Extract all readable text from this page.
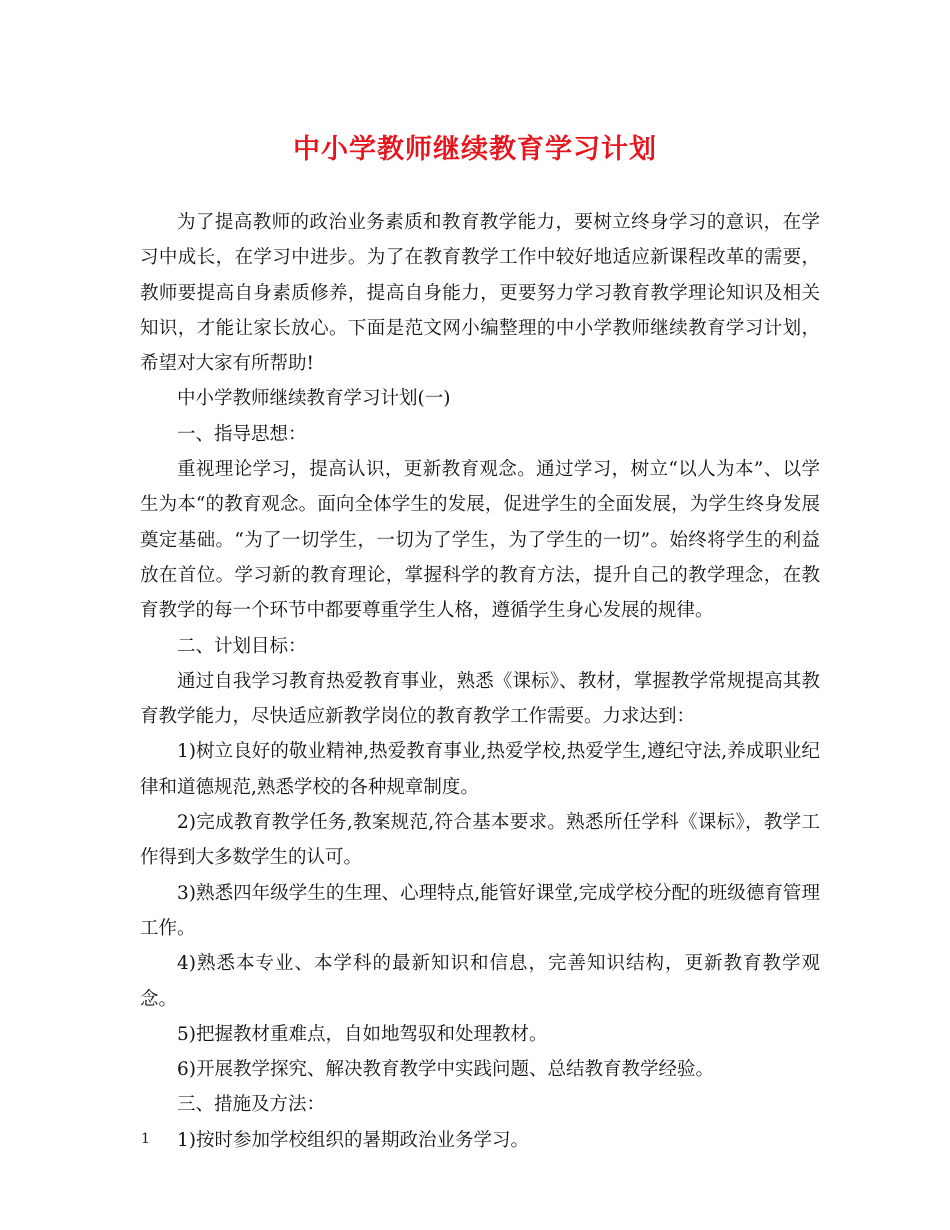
中小学教师继续教育学习计划

为了提高教师的政治业务素质和教育教学能力，要树立终身学习的意识，在学习中成长，在学习中进步。为了在教育教学工作中较好地适应新课程改革的需要，教师要提高自身素质修养，提高自身能力，更要努力学习教育教学理论知识及相关知识，才能让家长放心。下面是范文网小编整理的中小学教师继续教育学习计划，希望对大家有所帮助!

中小学教师继续教育学习计划(一)

一、指导思想：

重视理论学习，提高认识，更新教育观念。通过学习，树立“以人为本”、以学生为本“的教育观念。面向全体学生的发展，促进学生的全面发展，为学生终身发展奠定基础。“为了一切学生，一切为了学生，为了学生的一切”。始终将学生的利益放在首位。学习新的教育理论，掌握科学的教育方法，提升自己的教学理念，在教育教学的每一个环节中都要尊重学生人格，遵循学生身心发展的规律。

二、计划目标：

通过自我学习教育热爱教育事业，熟悉《课标》、教材，掌握教学常规提高其教育教学能力，尽快适应新教学岗位的教育教学工作需要。力求达到：

1)树立良好的敬业精神,热爱教育事业,热爱学校,热爱学生,遵纪守法,养成职业纪律和道德规范,熟悉学校的各种规章制度。

2)完成教育教学任务,教案规范,符合基本要求。熟悉所任学科《课标》，教学工作得到大多数学生的认可。

3)熟悉四年级学生的生理、心理特点,能管好课堂,完成学校分配的班级德育管理工作。

4)熟悉本专业、本学科的最新知识和信息，完善知识结构，更新教育教学观念。

5)把握教材重难点，自如地驾驭和处理教材。

6)开展教学探究、解决教育教学中实践问题、总结教育教学经验。

三、措施及方法：

1)按时参加学校组织的暑期政治业务学习。

1
